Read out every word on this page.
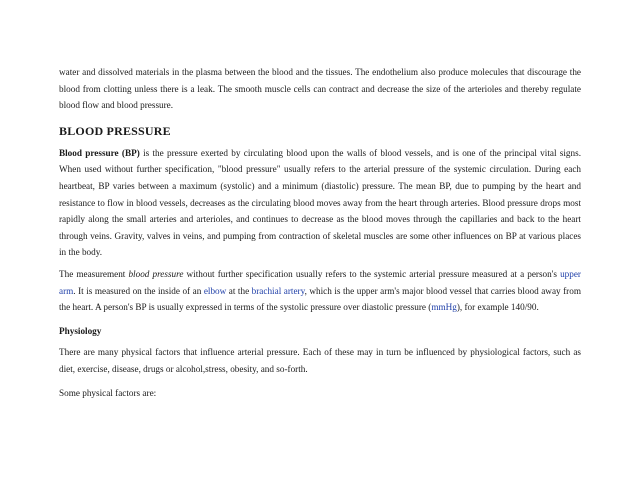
water and dissolved materials in the plasma between the blood and the tissues. The endothelium also produce molecules that discourage the blood from clotting unless there is a leak. The smooth muscle cells can contract and decrease the size of the arterioles and thereby regulate blood flow and blood pressure.

BLOOD PRESSURE

Blood pressure (BP) is the pressure exerted by circulating blood upon the walls of blood vessels, and is one of the principal vital signs. When used without further specification, "blood pressure" usually refers to the arterial pressure of the systemic circulation. During each heartbeat, BP varies between a maximum (systolic) and a minimum (diastolic) pressure. The mean BP, due to pumping by the heart and resistance to flow in blood vessels, decreases as the circulating blood moves away from the heart through arteries. Blood pressure drops most rapidly along the small arteries and arterioles, and continues to decrease as the blood moves through the capillaries and back to the heart through veins. Gravity, valves in veins, and pumping from contraction of skeletal muscles are some other influences on BP at various places in the body.

The measurement blood pressure without further specification usually refers to the systemic arterial pressure measured at a person's upper arm. It is measured on the inside of an elbow at the brachial artery, which is the upper arm's major blood vessel that carries blood away from the heart. A person's BP is usually expressed in terms of the systolic pressure over diastolic pressure (mmHg), for example 140/90.

Physiology

There are many physical factors that influence arterial pressure. Each of these may in turn be influenced by physiological factors, such as diet, exercise, disease, drugs or alcohol,stress, obesity, and so-forth.

Some physical factors are:
